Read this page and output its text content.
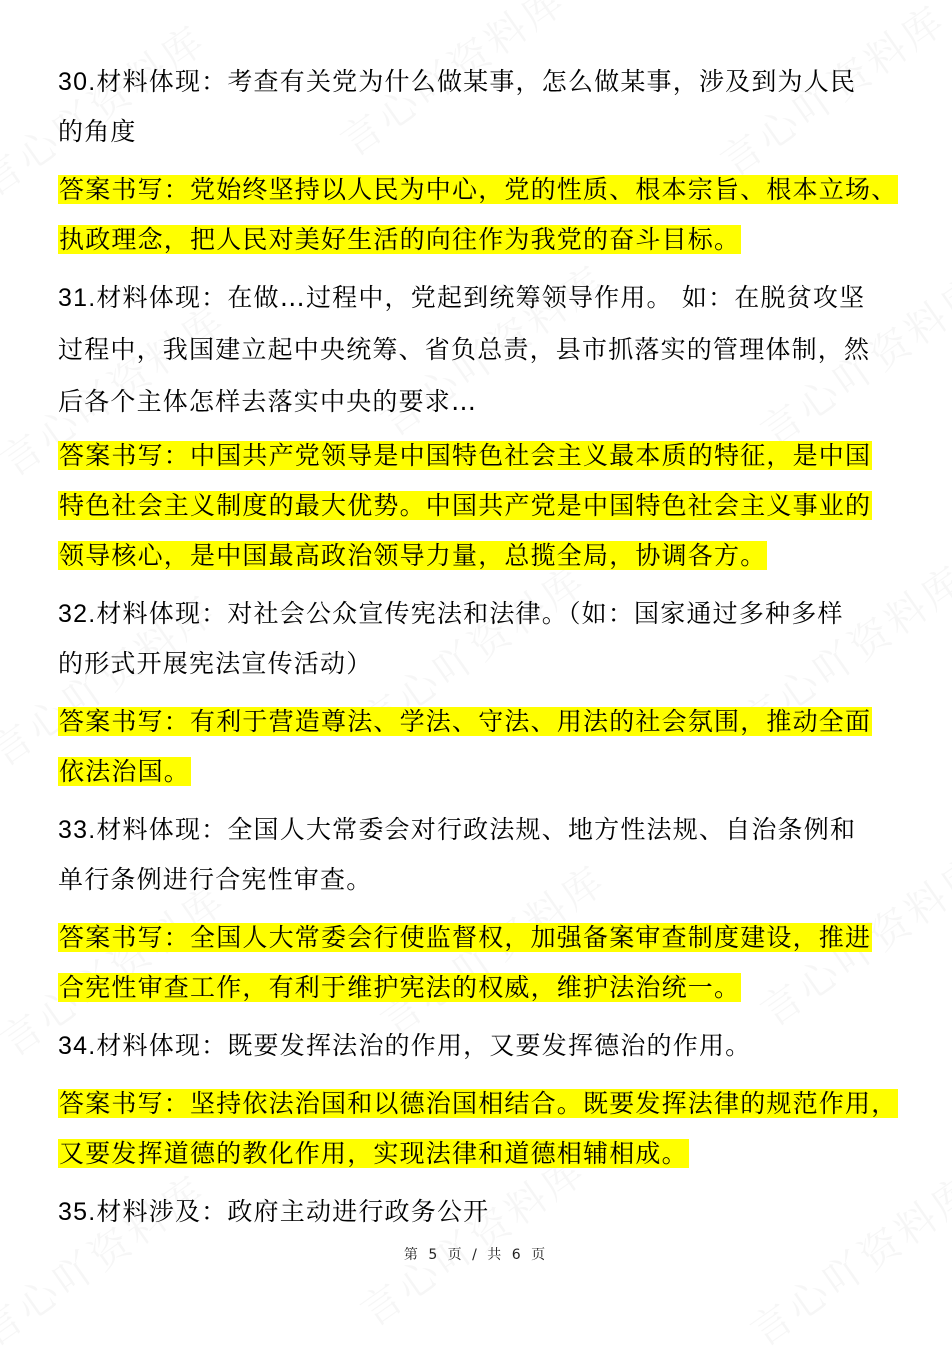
30.材料体现：考查有关党为什么做某事，怎么做某事，涉及到为人民
的角度
答案书写：党始终坚持以人民为中心，党的性质、根本宗旨、根本立场、
执政理念，把人民对美好生活的向往作为我党的奋斗目标。
31.材料体现：在做…过程中，党起到统筹领导作用。 如：在脱贫攻坚
过程中，我国建立起中央统筹、省负总责，县市抓落实的管理体制，然
后各个主体怎样去落实中央的要求…
答案书写：中国共产党领导是中国特色社会主义最本质的特征，是中国
特色社会主义制度的最大优势。中国共产党是中国特色社会主义事业的
领导核心，是中国最高政治领导力量，总揽全局，协调各方。
32.材料体现：对社会公众宣传宪法和法律。（如：国家通过多种多样
的形式开展宪法宣传活动）
答案书写：有利于营造尊法、学法、守法、用法的社会氛围，推动全面
依法治国。
33.材料体现：全国人大常委会对行政法规、地方性法规、自治条例和
单行条例进行合宪性审查。
答案书写：全国人大常委会行使监督权，加强备案审查制度建设，推进
合宪性审查工作，有利于维护宪法的权威，维护法治统一。
34.材料体现：既要发挥法治的作用，又要发挥德治的作用。
答案书写：坚持依法治国和以德治国相结合。既要发挥法律的规范作用，
又要发挥道德的教化作用，实现法律和道德相辅相成。
35.材料涉及：政府主动进行政务公开
第 5 页 / 共 6 页
